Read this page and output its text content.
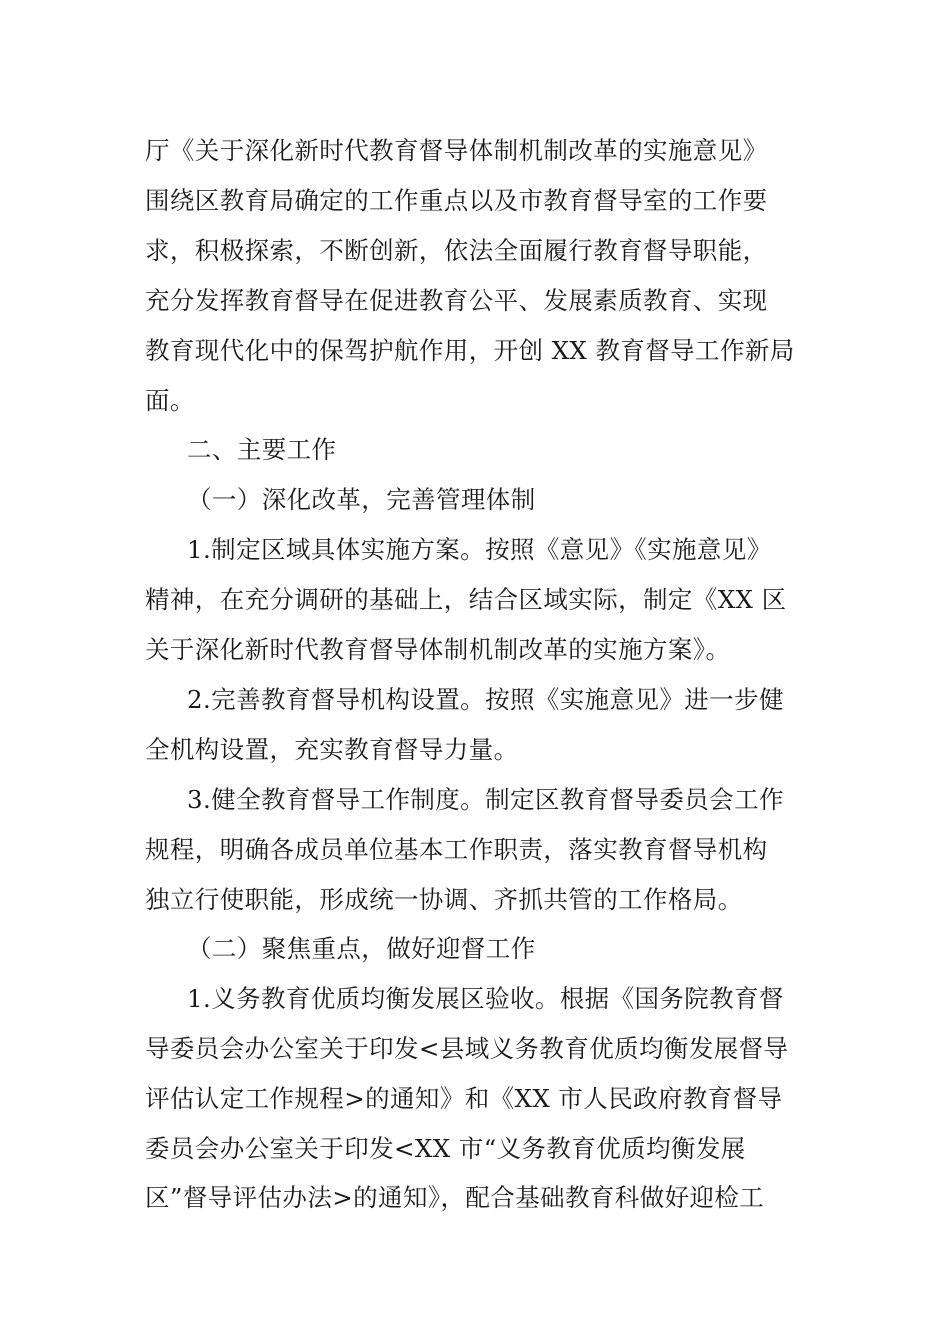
厅《关于深化新时代教育督导体制机制改革的实施意见》
围绕区教育局确定的工作重点以及市教育督导室的工作要
求，积极探索，不断创新，依法全面履行教育督导职能，
充分发挥教育督导在促进教育公平、发展素质教育、实现
教育现代化中的保驾护航作用，开创 XX 教育督导工作新局
面。
二、主要工作
（一）深化改革，完善管理体制
1.制定区域具体实施方案。按照《意见》《实施意见》
精神，在充分调研的基础上，结合区域实际，制定《XX 区
关于深化新时代教育督导体制机制改革的实施方案》。
2.完善教育督导机构设置。按照《实施意见》进一步健
全机构设置，充实教育督导力量。
3.健全教育督导工作制度。制定区教育督导委员会工作
规程，明确各成员单位基本工作职责，落实教育督导机构
独立行使职能，形成统一协调、齐抓共管的工作格局。
（二）聚焦重点，做好迎督工作
1.义务教育优质均衡发展区验收。根据《国务院教育督
导委员会办公室关于印发<县域义务教育优质均衡发展督导
评估认定工作规程>的通知》和《XX 市人民政府教育督导
委员会办公室关于印发<XX 市“义务教育优质均衡发展
区”督导评估办法>的通知》，配合基础教育科做好迎检工
